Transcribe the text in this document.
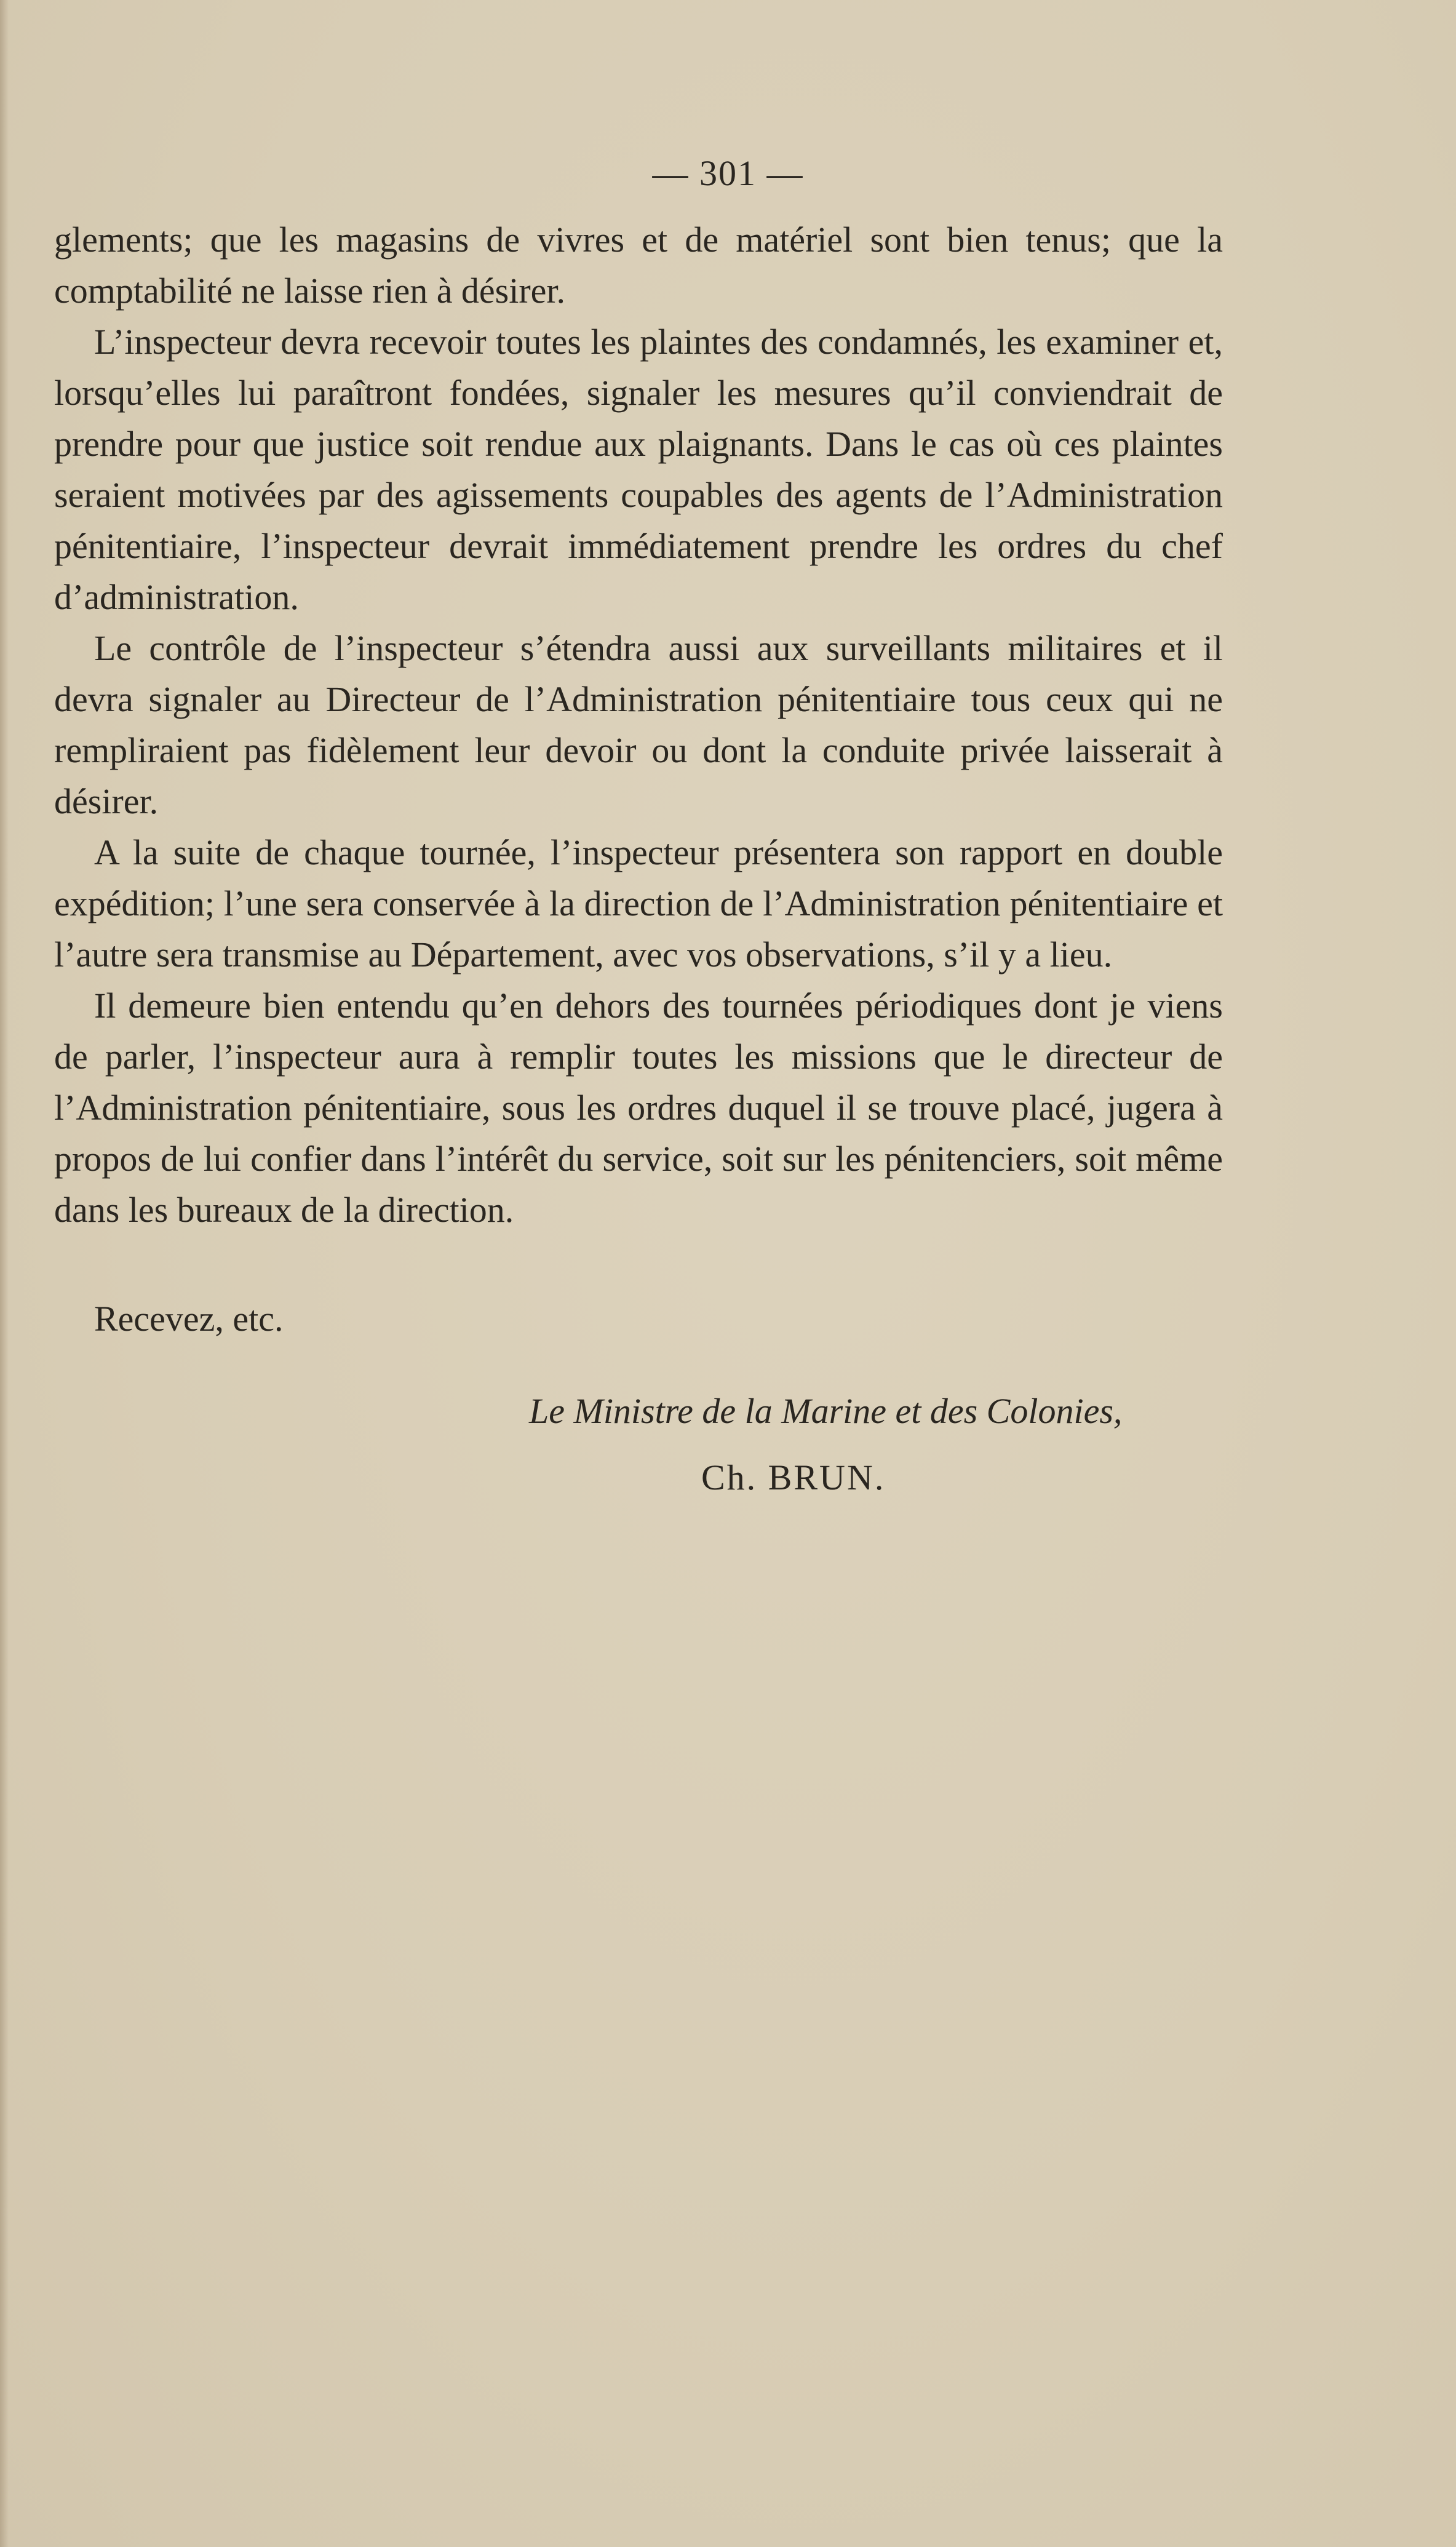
— 301 —

glements; que les magasins de vivres et de matériel sont bien tenus; que la comptabilité ne laisse rien à désirer.

L’inspecteur devra recevoir toutes les plaintes des condamnés, les examiner et, lorsqu’elles lui paraîtront fondées, signaler les mesures qu’il conviendrait de prendre pour que justice soit rendue aux plaignants. Dans le cas où ces plaintes seraient motivées par des agissements coupables des agents de l’Administration pénitentiaire, l’inspecteur devrait immédiatement prendre les ordres du chef d’administration.

Le contrôle de l’inspecteur s’étendra aussi aux surveillants militaires et il devra signaler au Directeur de l’Administration pénitentiaire tous ceux qui ne rempliraient pas fidèlement leur devoir ou dont la conduite privée laisserait à désirer.

A la suite de chaque tournée, l’inspecteur présentera son rapport en double expédition; l’une sera conservée à la direction de l’Administration pénitentiaire et l’autre sera transmise au Département, avec vos observations, s’il y a lieu.

Il demeure bien entendu qu’en dehors des tournées périodiques dont je viens de parler, l’inspecteur aura à remplir toutes les missions que le directeur de l’Administration pénitentiaire, sous les ordres duquel il se trouve placé, jugera à propos de lui confier dans l’intérêt du service, soit sur les pénitenciers, soit même dans les bureaux de la direction.

Recevez, etc.
Le Ministre de la Marine et des Colonies,
Ch. BRUN.
